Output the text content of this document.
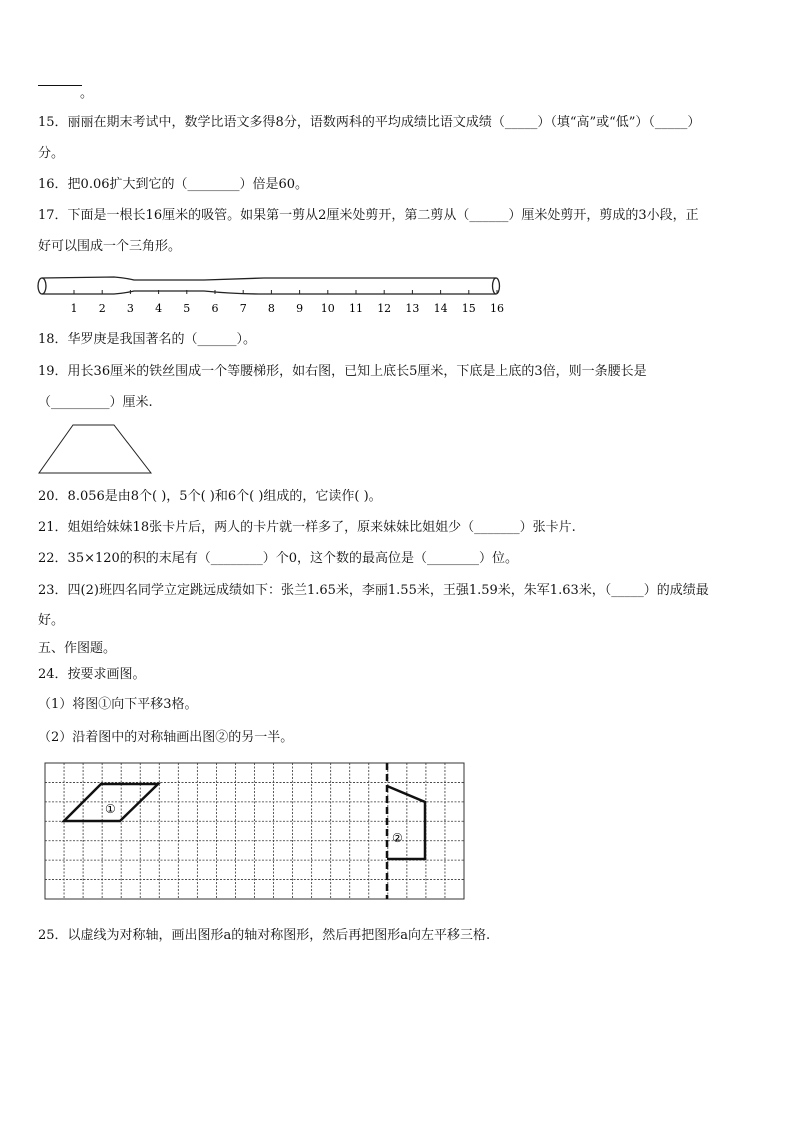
。
15．丽丽在期末考试中，数学比语文多得8分，语数两科的平均成绩比语文成绩（_____）（填“高”或“低”）（_____）
分。
16．把0.06扩大到它的（________）倍是60。
17．下面是一根长16厘米的吸管。如果第一剪从2厘米处剪开，第二剪从（______）厘米处剪开，剪成的3小段，正
好可以围成一个三角形。
1 2 3 4 5 6 7 8 9 10 11 12 13 14 15 16
18．华罗庚是我国著名的（______）。
19．用长36厘米的铁丝围成一个等腰梯形，如右图，已知上底长5厘米，下底是上底的3倍，则一条腰长是
（_________）厘米.
20．8.056是由8个( )，5个( )和6个( )组成的，它读作( )。
21．姐姐给妹妹18张卡片后，两人的卡片就一样多了，原来妹妹比姐姐少（_______）张卡片.
22．35×120的积的末尾有（________）个0，这个数的最高位是（________）位。
23．四(2)班四名同学立定跳远成绩如下：张兰1.65米，李丽1.55米，王强1.59米，朱军1.63米，（_____）的成绩最
好。
五、作图题。
24．按要求画图。
（1）将图①向下平移3格。
（2）沿着图中的对称轴画出图②的另一半。
①
②
25．以虚线为对称轴，画出图形a的轴对称图形，然后再把图形a向左平移三格.
